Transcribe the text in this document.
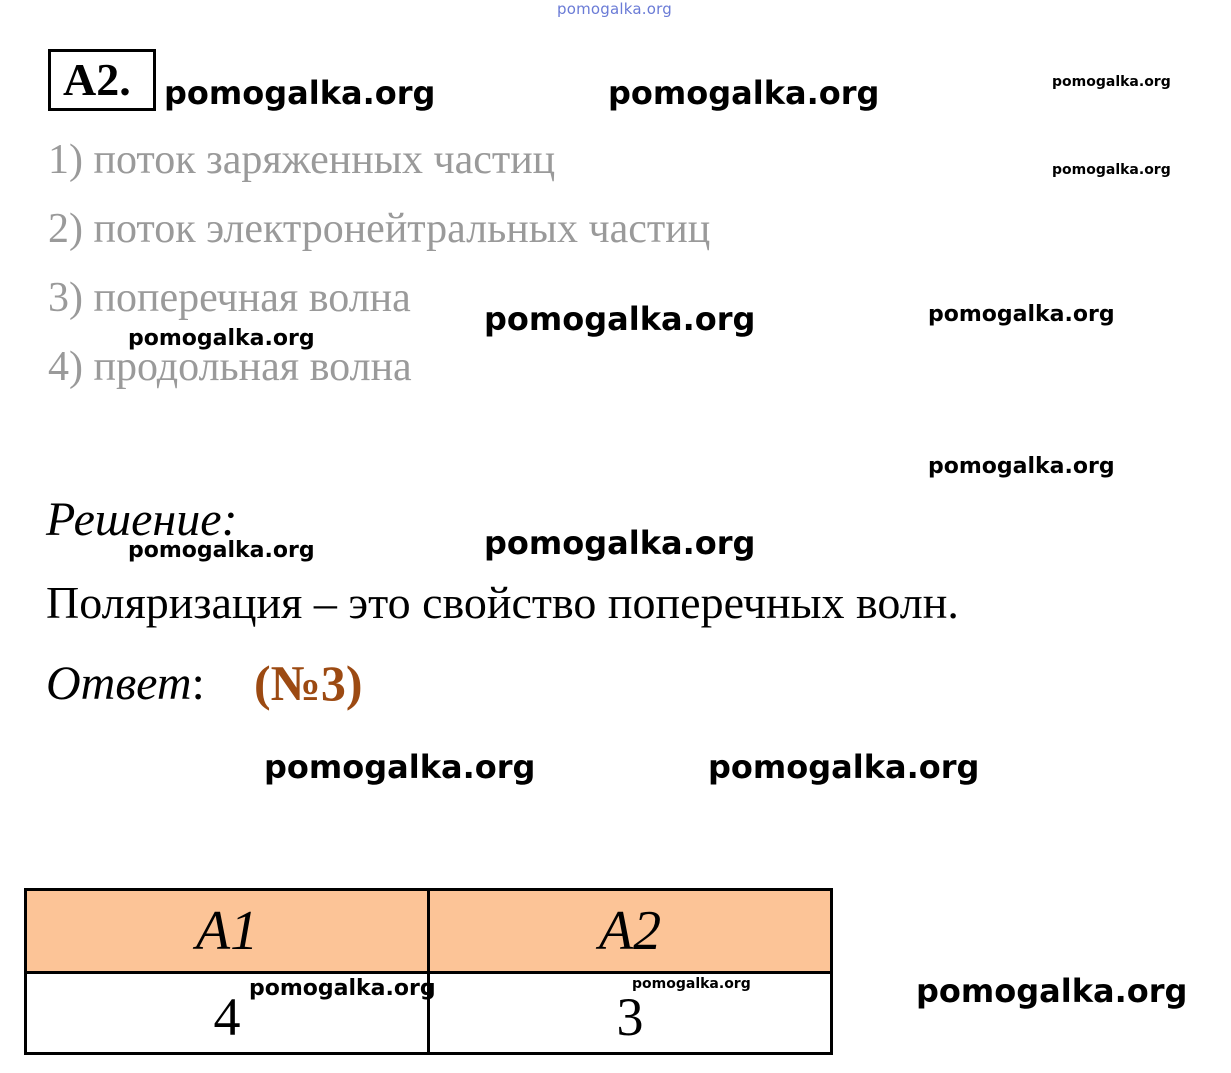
pomogalka.org
A2.
1) поток заряженных частиц
2) поток электронейтральных частиц
3) поперечная волна
4) продольная волна
Решение:
Поляризация – это свойство поперечных волн.
Ответ: (№3)
A1	A2
4 pomogalka.org	3
pomogalka.org
pomogalka.org	pomogalka.org	pomogalka.org
pomogalka.org
pomogalka.org	pomogalka.org
pomogalka.org
pomogalka.org
pomogalka.org
pomogalka.org
pomogalka.org	pomogalka.org
pomogalka.org
